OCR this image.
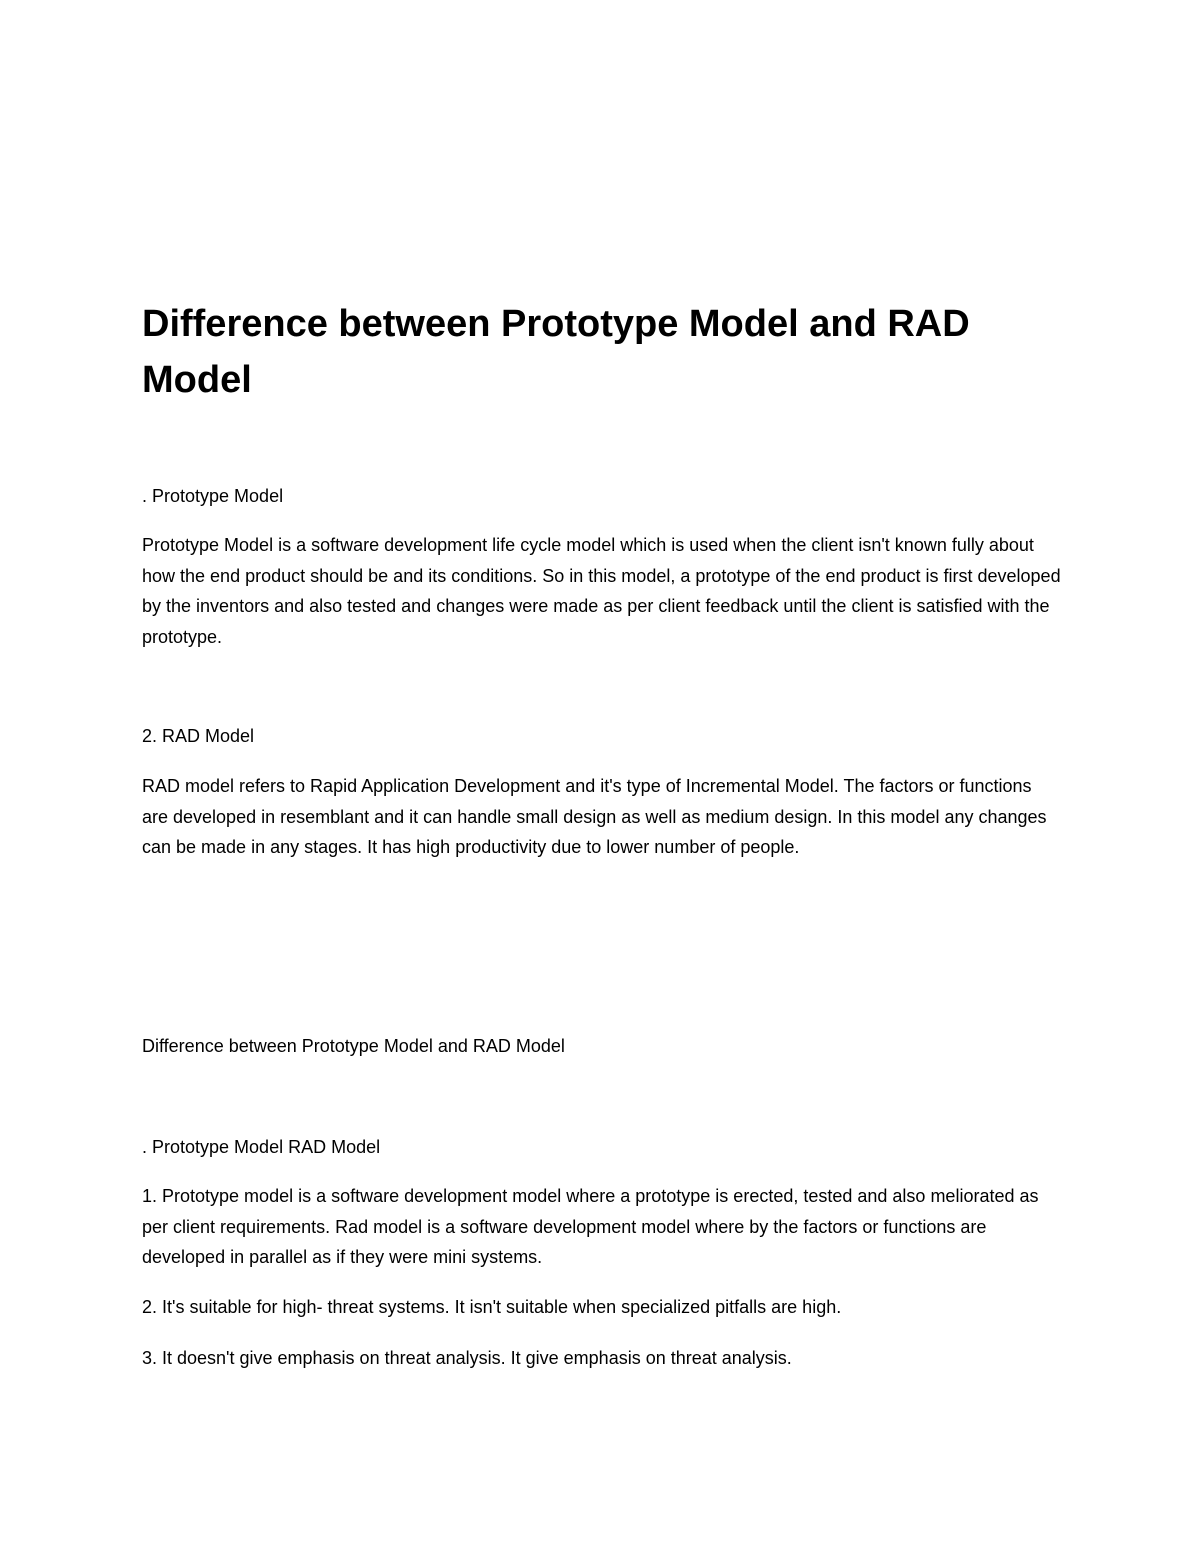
Difference between Prototype Model and RAD Model

. Prototype Model

Prototype Model is a software development life cycle model which is used when the client isn't known fully about how the end product should be and its conditions. So in this model, a prototype of the end product is first developed by the inventors and also tested and changes were made as per client feedback until the client is satisfied with the prototype.

2. RAD Model

RAD model refers to Rapid Application Development and it's type of Incremental Model. The factors or functions are developed in resemblant and it can handle small design as well as medium design. In this model any changes can be made in any stages. It has high productivity due to lower number of people.

Difference between Prototype Model and RAD Model

. Prototype Model RAD Model

1. Prototype model is a software development model where a prototype is erected, tested and also meliorated as per client requirements. Rad model is a software development model where by the factors or functions are developed in parallel as if they were mini systems.

2. It's suitable for high- threat systems. It isn't suitable when specialized pitfalls are high.

3. It doesn't give emphasis on threat analysis. It give emphasis on threat analysis.
